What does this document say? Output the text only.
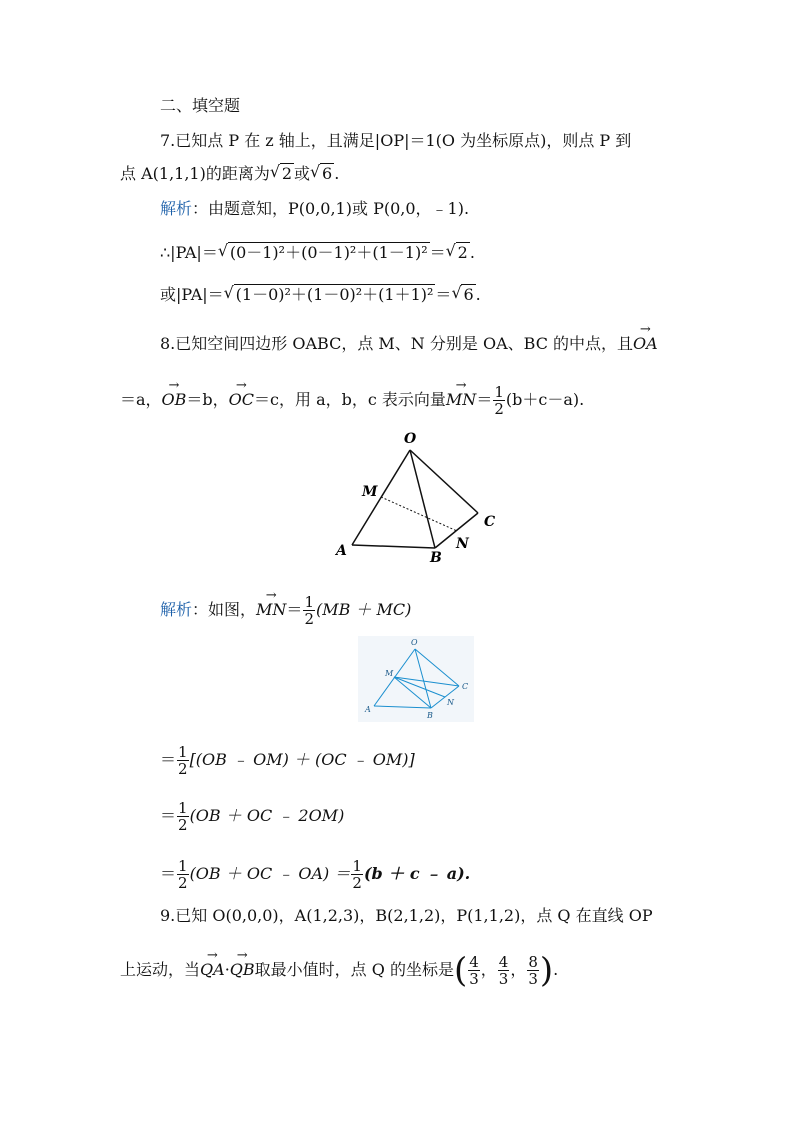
二、填空题
7.已知点 P 在 z 轴上，且满足|OP|＝1(O 为坐标原点)，则点 P 到
点 A(1,1,1)的距离为 √ 2 或 √ 6 .
解析：由题意知，P(0,0,1)或 P(0,0，﹣1).
∴|PA|＝ √ (0－1)²＋(0－1)²＋(1－1)² ＝ √ 2 .
或|PA|＝ √ (1－0)²＋(1－0)²＋(1＋1)² ＝ √ 6 .
8.已知空间四边形 OABC，点 M、N 分别是 OA、BC 的中点，且→ OA
＝a，→ OB＝b，→ OC＝c，用 a，b，c 表示向量→ $MN= \frac{1}{2} (b+c-a)$.
O
M
A	B
N
C
解析：如图，→ $MN= \frac{1}{2} (MB + MC)$
O
M
A
B
N
C
＝ $\frac{1}{2} [(OB$ ﹣ OM) ＋ (OC ﹣ OM)]
＝ $\frac{1}{2} (OB$ ＋ OC ﹣ 2OM)
＝ $\frac{1}{2} (OB$ ＋ OC ﹣ $OA) = \frac{1}{2} (b + c$ ﹣ a).
9.已知 O(0,0,0)，A(1,2,3)，B(2,1,2)，P(1,1,2)，点 Q 在直线 OP
上运动，当→ QA·→ QB取最小值时，点 Q 的坐标是( $\frac{4}{3}$ ， $\frac{4}{3}$ ， $\frac{8}{3}$ ).
